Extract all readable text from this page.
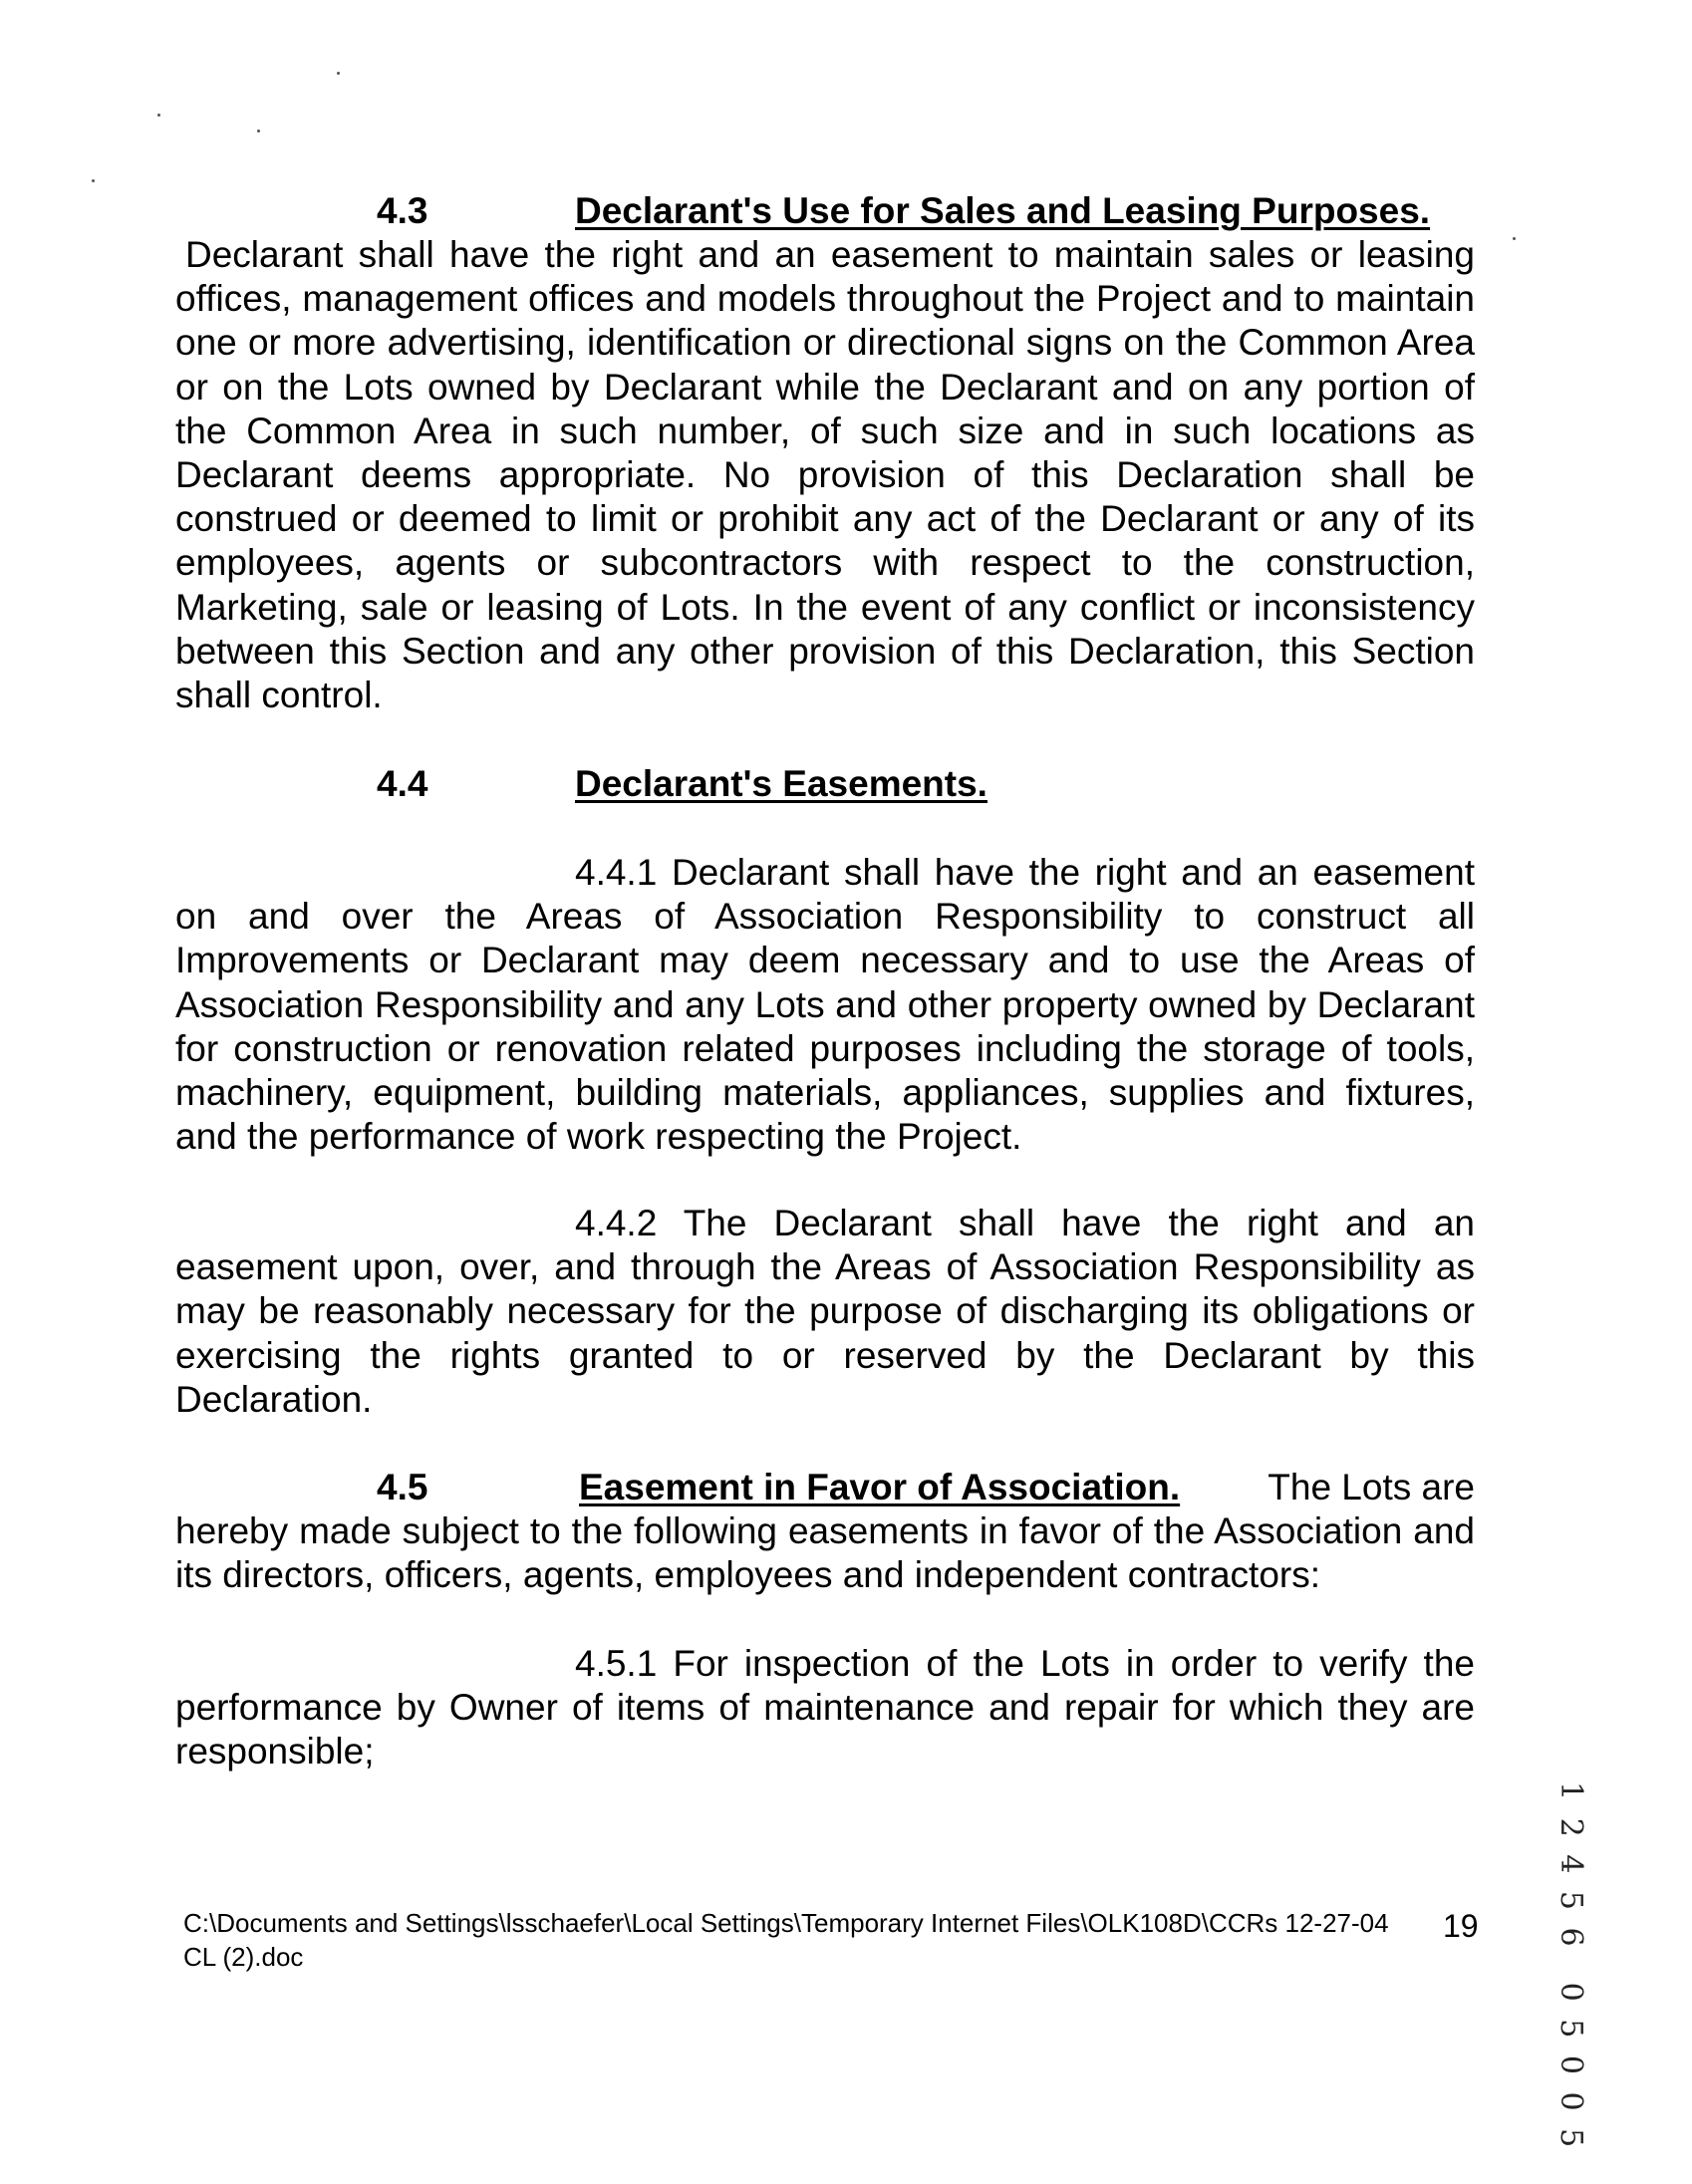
4.3	Declarant's Use for Sales and Leasing Purposes.

Declarant shall have the right and an easement to maintain sales or leasing offices, management offices and models throughout the Project and to maintain one or more advertising, identification or directional signs on the Common Area or on the Lots owned by Declarant while the Declarant and on any portion of the Common Area in such number, of such size and in such locations as Declarant deems appropriate. No provision of this Declaration shall be construed or deemed to limit or prohibit any act of the Declarant or any of its employees, agents or subcontractors with respect to the construction, Marketing, sale or leasing of Lots. In the event of any conflict or inconsistency between this Section and any other provision of this Declaration, this Section shall control.

4.4	Declarant's Easements.

4.4.1 Declarant shall have the right and an easement on and over the Areas of Association Responsibility to construct all Improvements or Declarant may deem necessary and to use the Areas of Association Responsibility and any Lots and other property owned by Declarant for construction or renovation related purposes including the storage of tools, machinery, equipment, building materials, appliances, supplies and fixtures, and the performance of work respecting the Project.

4.4.2 The Declarant shall have the right and an easement upon, over, and through the Areas of Association Responsibility as may be reasonably necessary for the purpose of discharging its obligations or exercising the rights granted to or reserved by the Declarant by this Declaration.

4.5	Easement in Favor of Association. The Lots are

hereby made subject to the following easements in favor of the Association and its directors, officers, agents, employees and independent contractors:

4.5.1 For inspection of the Lots in order to verify the performance by Owner of items of maintenance and repair for which they are responsible;

1 2 4 5 60 5 0 0 5
C:\Documents and Settings\lsschaefer\Local Settings\Temporary Internet Files\OLK108D\CCRs 12-27-04 CL (2).doc
19
